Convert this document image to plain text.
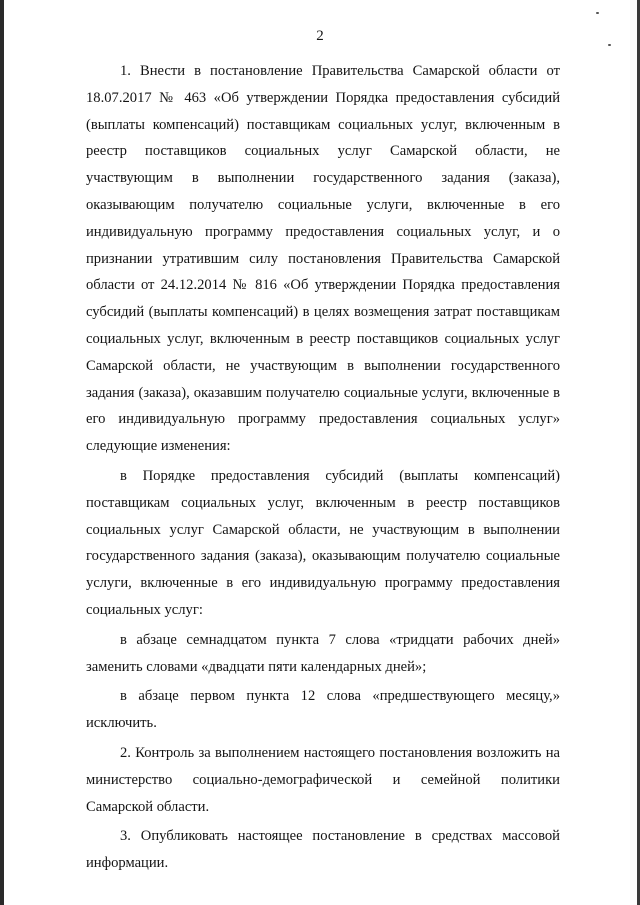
2

1. Внести в постановление Правительства Самарской области от 18.07.2017 № 463 «Об утверждении Порядка предоставления субсидий (выплаты компенсаций) поставщикам социальных услуг, включенным в реестр поставщиков социальных услуг Самарской области, не участвующим в выполнении государственного задания (заказа), оказывающим получателю социальные услуги, включенные в его индивидуальную программу предоставления социальных услуг, и о признании утратившим силу постановления Правительства Самарской области от 24.12.2014 № 816 «Об утверждении Порядка предоставления субсидий (выплаты компенсаций) в целях возмещения затрат поставщикам социальных услуг, включенным в реестр поставщиков социальных услуг Самарской области, не участвующим в выполнении государственного задания (заказа), оказавшим получателю социальные услуги, включенные в его индивидуальную программу предоставления социальных услуг» следующие изменения:

в Порядке предоставления субсидий (выплаты компенсаций) поставщикам социальных услуг, включенным в реестр поставщиков социальных услуг Самарской области, не участвующим в выполнении государственного задания (заказа), оказывающим получателю социальные услуги, включенные в его индивидуальную программу предоставления социальных услуг:

в абзаце семнадцатом пункта 7 слова «тридцати рабочих дней» заменить словами «двадцати пяти календарных дней»;

в абзаце первом пункта 12 слова «предшествующего месяцу,» исключить.

2. Контроль за выполнением настоящего постановления возложить на министерство социально-демографической и семейной политики Самарской области.

3. Опубликовать настоящее постановление в средствах массовой информации.
